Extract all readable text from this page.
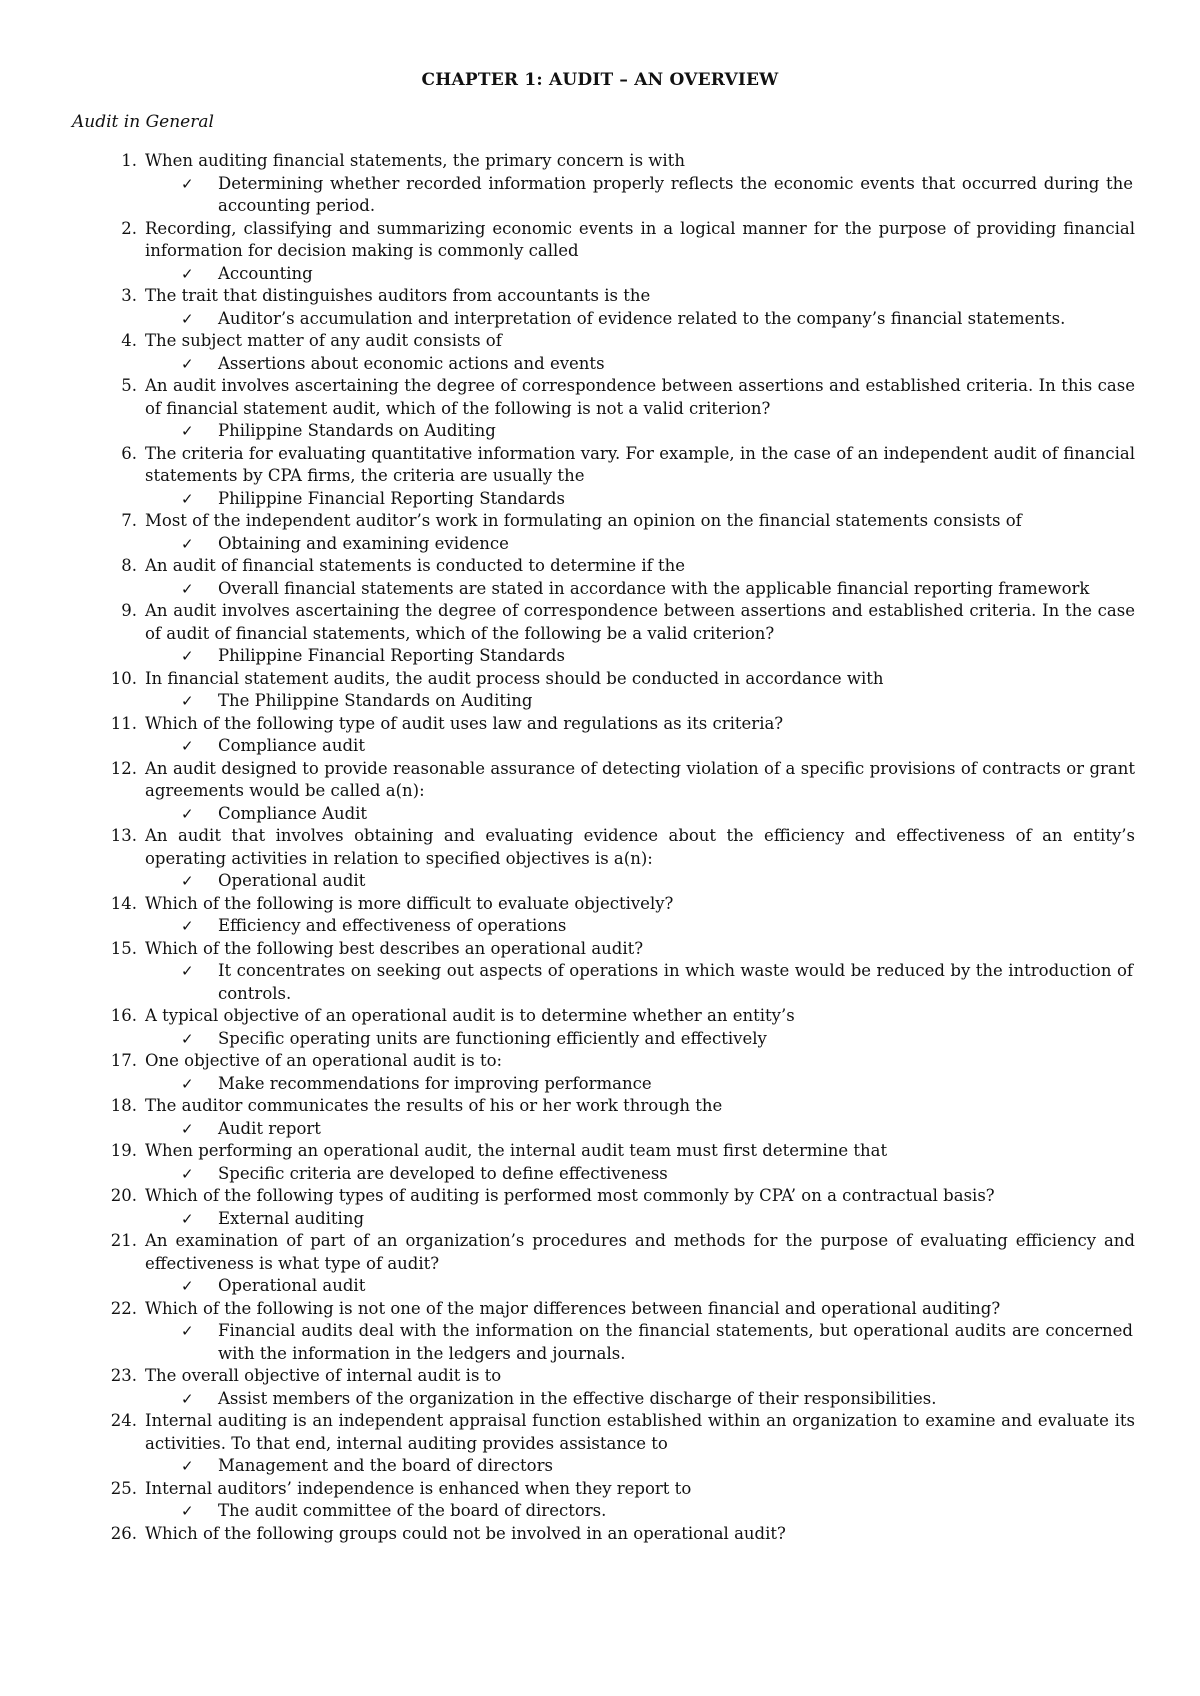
CHAPTER 1: AUDIT – AN OVERVIEW
Audit in General
1. When auditing financial statements, the primary concern is with
✓ Determining whether recorded information properly reflects the economic events that occurred during the accounting period.
2. Recording, classifying and summarizing economic events in a logical manner for the purpose of providing financial information for decision making is commonly called
✓ Accounting
3. The trait that distinguishes auditors from accountants is the
✓ Auditor’s accumulation and interpretation of evidence related to the company’s financial statements.
4. The subject matter of any audit consists of
✓ Assertions about economic actions and events
5. An audit involves ascertaining the degree of correspondence between assertions and established criteria. In this case of financial statement audit, which of the following is not a valid criterion?
✓ Philippine Standards on Auditing
6. The criteria for evaluating quantitative information vary. For example, in the case of an independent audit of financial statements by CPA firms, the criteria are usually the
✓ Philippine Financial Reporting Standards
7. Most of the independent auditor’s work in formulating an opinion on the financial statements consists of
✓ Obtaining and examining evidence
8. An audit of financial statements is conducted to determine if the
✓ Overall financial statements are stated in accordance with the applicable financial reporting framework
9. An audit involves ascertaining the degree of correspondence between assertions and established criteria. In the case of audit of financial statements, which of the following be a valid criterion?
✓ Philippine Financial Reporting Standards
10. In financial statement audits, the audit process should be conducted in accordance with
✓ The Philippine Standards on Auditing
11. Which of the following type of audit uses law and regulations as its criteria?
✓ Compliance audit
12. An audit designed to provide reasonable assurance of detecting violation of a specific provisions of contracts or grant agreements would be called a(n):
✓ Compliance Audit
13. An audit that involves obtaining and evaluating evidence about the efficiency and effectiveness of an entity’s operating activities in relation to specified objectives is a(n):
✓ Operational audit
14. Which of the following is more difficult to evaluate objectively?
✓ Efficiency and effectiveness of operations
15. Which of the following best describes an operational audit?
✓ It concentrates on seeking out aspects of operations in which waste would be reduced by the introduction of controls.
16. A typical objective of an operational audit is to determine whether an entity’s
✓ Specific operating units are functioning efficiently and effectively
17. One objective of an operational audit is to:
✓ Make recommendations for improving performance
18. The auditor communicates the results of his or her work through the
✓ Audit report
19. When performing an operational audit, the internal audit team must first determine that
✓ Specific criteria are developed to define effectiveness
20. Which of the following types of auditing is performed most commonly by CPA’ on a contractual basis?
✓ External auditing
21. An examination of part of an organization’s procedures and methods for the purpose of evaluating efficiency and effectiveness is what type of audit?
✓ Operational audit
22. Which of the following is not one of the major differences between financial and operational auditing?
✓ Financial audits deal with the information on the financial statements, but operational audits are concerned with the information in the ledgers and journals.
23. The overall objective of internal audit is to
✓ Assist members of the organization in the effective discharge of their responsibilities.
24. Internal auditing is an independent appraisal function established within an organization to examine and evaluate its activities. To that end, internal auditing provides assistance to
✓ Management and the board of directors
25. Internal auditors’ independence is enhanced when they report to
✓ The audit committee of the board of directors.
26. Which of the following groups could not be involved in an operational audit?
